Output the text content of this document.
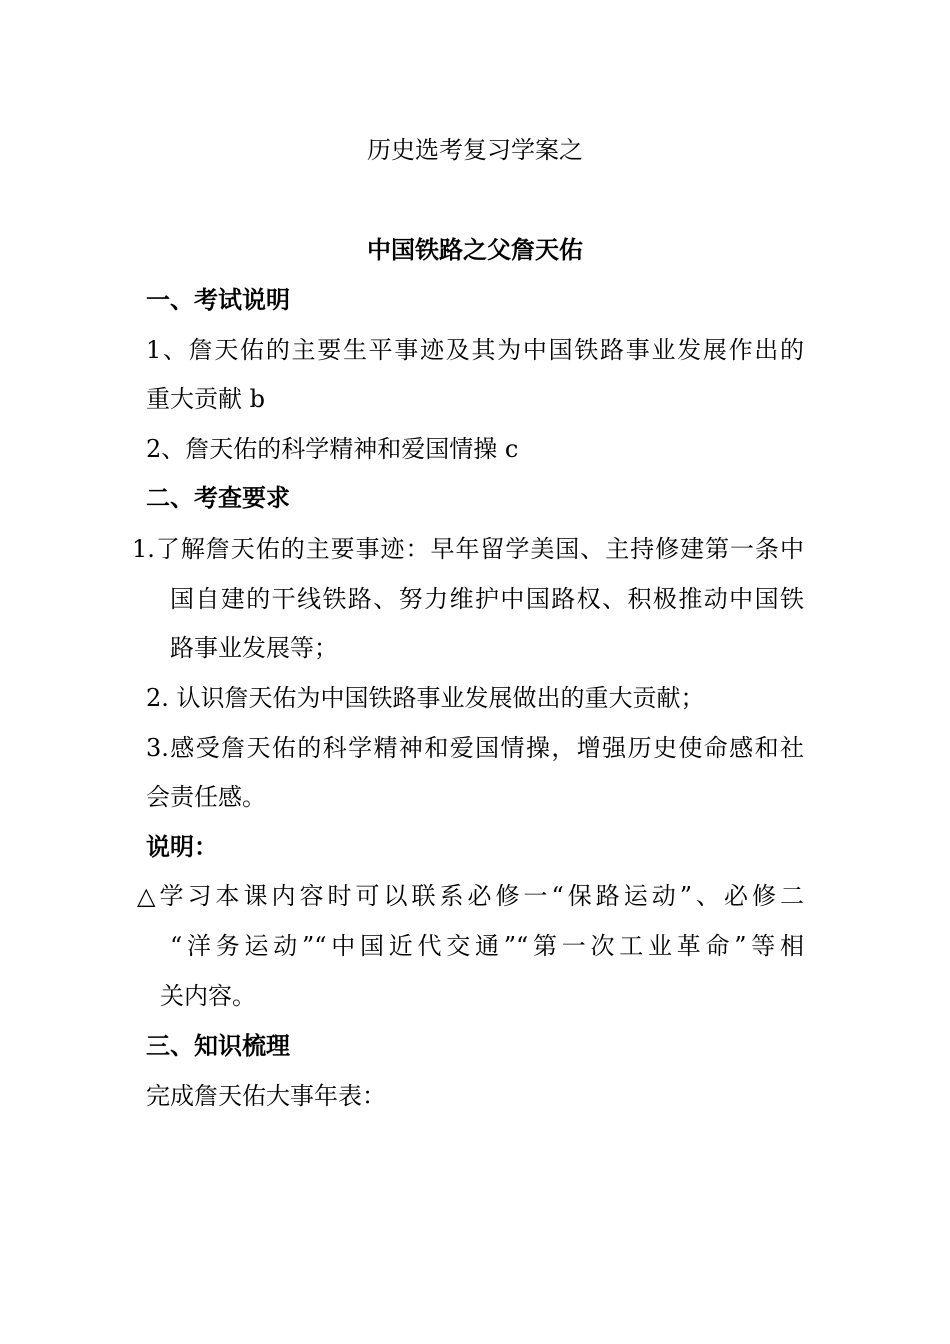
历史选考复习学案之
中国铁路之父詹天佑
一、考试说明
1、詹天佑的主要生平事迹及其为中国铁路事业发展作出的
重大贡献 b
2、詹天佑的科学精神和爱国情操 c
二、考查要求
1.了解詹天佑的主要事迹：早年留学美国、主持修建第一条中
国自建的干线铁路、努力维护中国路权、积极推动中国铁
路事业发展等；
2. 认识詹天佑为中国铁路事业发展做出的重大贡献；
3.感受詹天佑的科学精神和爱国情操，增强历史使命感和社
会责任感。
说明：
△学习本课内容时可以联系必修一“保路运动”、必修二
“洋务运动”“中国近代交通”“第一次工业革命”等相
关内容。
三、知识梳理
完成詹天佑大事年表：
